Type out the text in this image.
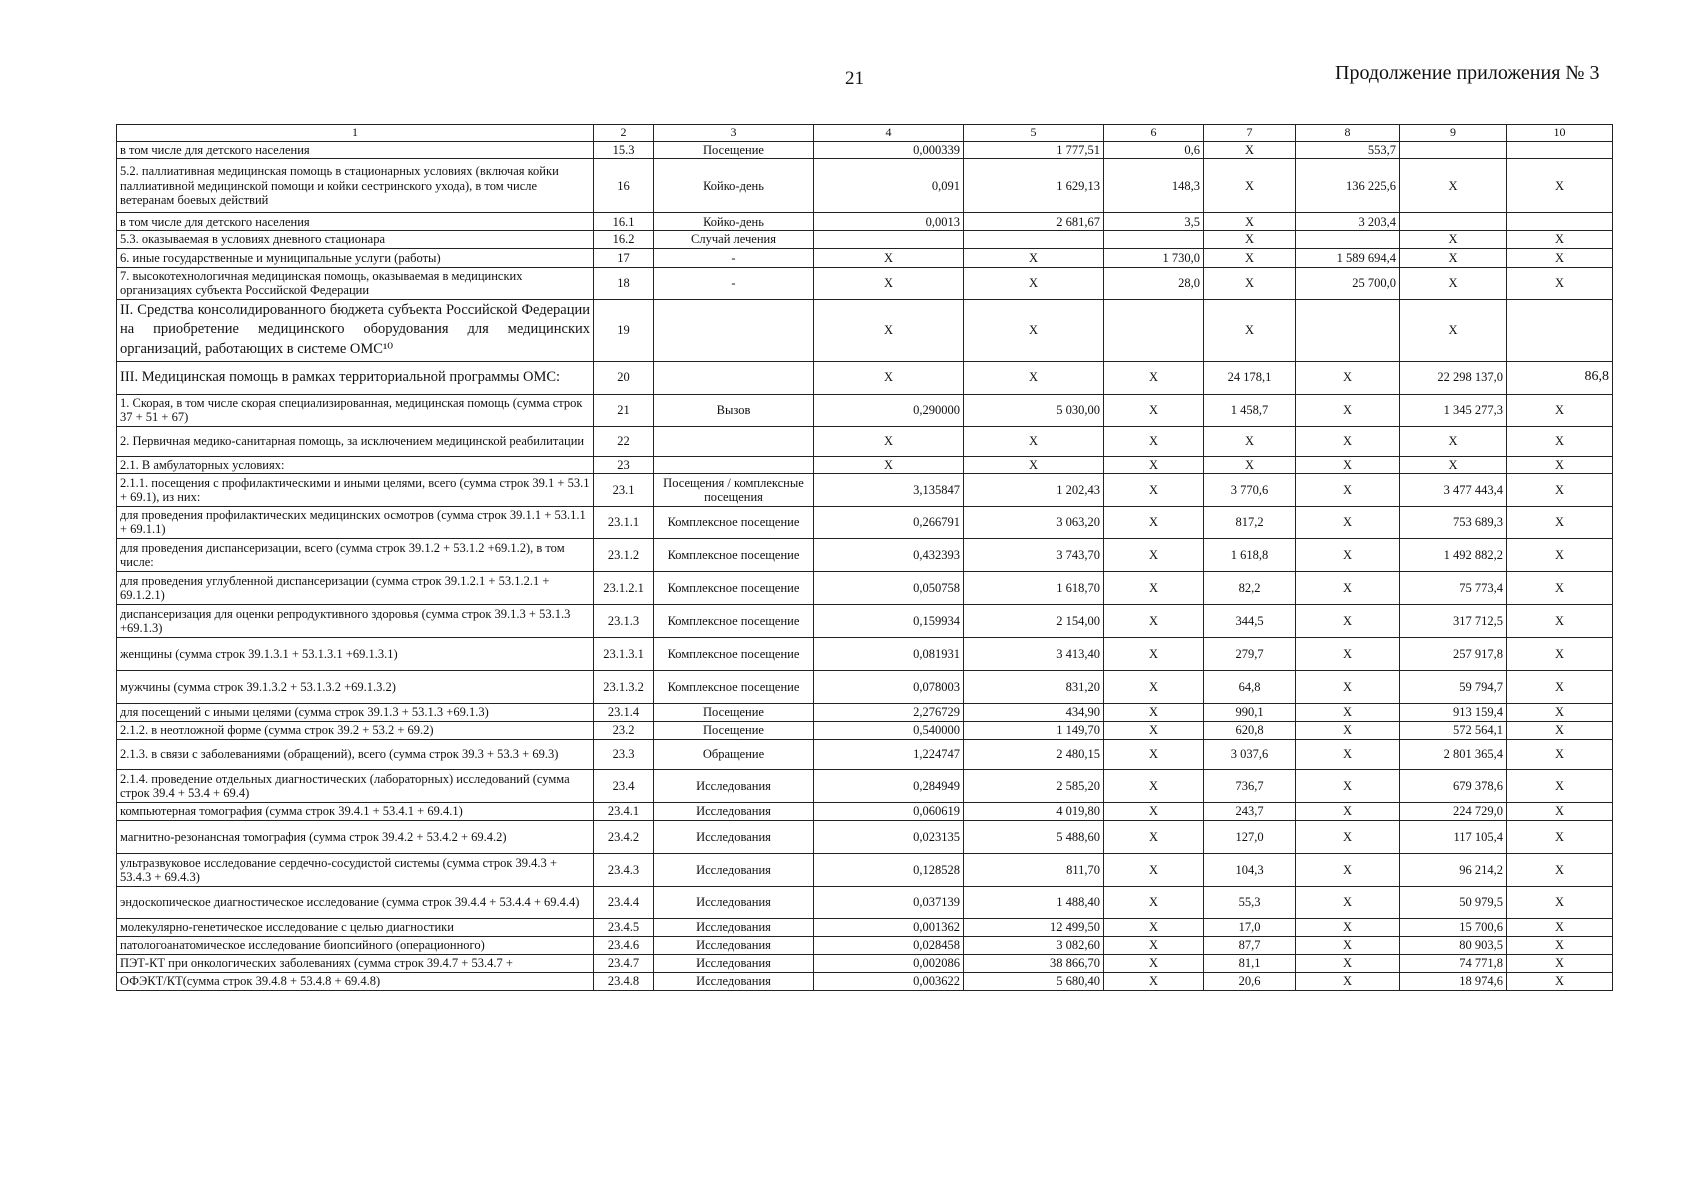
21	Продолжение приложения № 3
1	2	3	4	5	6	7	8	9	10
в том числе для детского населения	15.3	Посещение	0,000339	1 777,51	0,6	X	553,7		
5.2. паллиативная медицинская помощь в стационарных условиях (включая койки паллиативной медицинской помощи и койки сестринского ухода), в том числе ветеранам боевых действий	16	Койко-день	0,091	1 629,13	148,3	X	136 225,6	X	X
в том числе для детского населения	16.1	Койко-день	0,0013	2 681,67	3,5	X	3 203,4		
5.3. оказываемая в условиях дневного стационара	16.2	Случай лечения				X		X	X
6. иные государственные и муниципальные услуги (работы)	17	-	X	X	1 730,0	X	1 589 694,4	X	X
7. высокотехнологичная медицинская помощь, оказываемая в медицинских организациях субъекта Российской Федерации	18	-	X	X	28,0	X	25 700,0	X	X
II. Средства консолидированного бюджета субъекта Российской Федерации на приобретение медицинского оборудования для медицинских организаций, работающих в системе ОМС¹⁰	19		X	X		X		X	
III. Медицинская помощь в рамках территориальной программы ОМС:	20		X	X	X	24 178,1	X	22 298 137,0	86,8
1. Скорая, в том числе скорая специализированная, медицинская помощь (сумма строк 37 + 51 + 67)	21	Вызов	0,290000	5 030,00	X	1 458,7	X	1 345 277,3	X
2. Первичная медико-санитарная помощь, за исключением медицинской реабилитации	22		X	X	X	X	X	X	X
2.1. В амбулаторных условиях:	23		X	X	X	X	X	X	X
2.1.1. посещения с профилактическими и иными целями, всего (сумма строк 39.1 + 53.1 + 69.1), из них:	23.1	Посещения / комплексные посещения	3,135847	1 202,43	X	3 770,6	X	3 477 443,4	X
для проведения профилактических медицинских осмотров (сумма строк 39.1.1 + 53.1.1 + 69.1.1)	23.1.1	Комплексное посещение	0,266791	3 063,20	X	817,2	X	753 689,3	X
для проведения диспансеризации, всего (сумма строк 39.1.2 + 53.1.2 +69.1.2), в том числе:	23.1.2	Комплексное посещение	0,432393	3 743,70	X	1 618,8	X	1 492 882,2	X
для проведения углубленной диспансеризации (сумма строк 39.1.2.1 + 53.1.2.1 + 69.1.2.1)	23.1.2.1	Комплексное посещение	0,050758	1 618,70	X	82,2	X	75 773,4	X
диспансеризация для оценки репродуктивного здоровья (сумма строк 39.1.3 + 53.1.3 +69.1.3)	23.1.3	Комплексное посещение	0,159934	2 154,00	X	344,5	X	317 712,5	X
женщины (сумма строк 39.1.3.1 + 53.1.3.1 +69.1.3.1)	23.1.3.1	Комплексное посещение	0,081931	3 413,40	X	279,7	X	257 917,8	X
мужчины (сумма строк 39.1.3.2 + 53.1.3.2 +69.1.3.2)	23.1.3.2	Комплексное посещение	0,078003	831,20	X	64,8	X	59 794,7	X
для посещений с иными целями (сумма строк 39.1.3 + 53.1.3 +69.1.3)	23.1.4	Посещение	2,276729	434,90	X	990,1	X	913 159,4	X
2.1.2. в неотложной форме (сумма строк 39.2 + 53.2 + 69.2)	23.2	Посещение	0,540000	1 149,70	X	620,8	X	572 564,1	X
2.1.3. в связи с заболеваниями (обращений), всего (сумма строк 39.3 + 53.3 + 69.3)	23.3	Обращение	1,224747	2 480,15	X	3 037,6	X	2 801 365,4	X
2.1.4. проведение отдельных диагностических (лабораторных) исследований (сумма строк 39.4 + 53.4 + 69.4)	23.4	Исследования	0,284949	2 585,20	X	736,7	X	679 378,6	X
компьютерная томография (сумма строк 39.4.1 + 53.4.1 + 69.4.1)	23.4.1	Исследования	0,060619	4 019,80	X	243,7	X	224 729,0	X
магнитно-резонансная томография (сумма строк 39.4.2 + 53.4.2 + 69.4.2)	23.4.2	Исследования	0,023135	5 488,60	X	127,0	X	117 105,4	X
ультразвуковое исследование сердечно-сосудистой системы (сумма строк 39.4.3 + 53.4.3 + 69.4.3)	23.4.3	Исследования	0,128528	811,70	X	104,3	X	96 214,2	X
эндоскопическое диагностическое исследование (сумма строк 39.4.4 + 53.4.4 + 69.4.4)	23.4.4	Исследования	0,037139	1 488,40	X	55,3	X	50 979,5	X
молекулярно-генетическое исследование с целью диагностики	23.4.5	Исследования	0,001362	12 499,50	X	17,0	X	15 700,6	X
патологоанатомическое исследование биопсийного (операционного)	23.4.6	Исследования	0,028458	3 082,60	X	87,7	X	80 903,5	X
ПЭТ-КТ при онкологических заболеваниях (сумма строк 39.4.7 + 53.4.7 +	23.4.7	Исследования	0,002086	38 866,70	X	81,1	X	74 771,8	X
ОФЭКТ/КТ(сумма строк 39.4.8 + 53.4.8 + 69.4.8)	23.4.8	Исследования	0,003622	5 680,40	X	20,6	X	18 974,6	X
